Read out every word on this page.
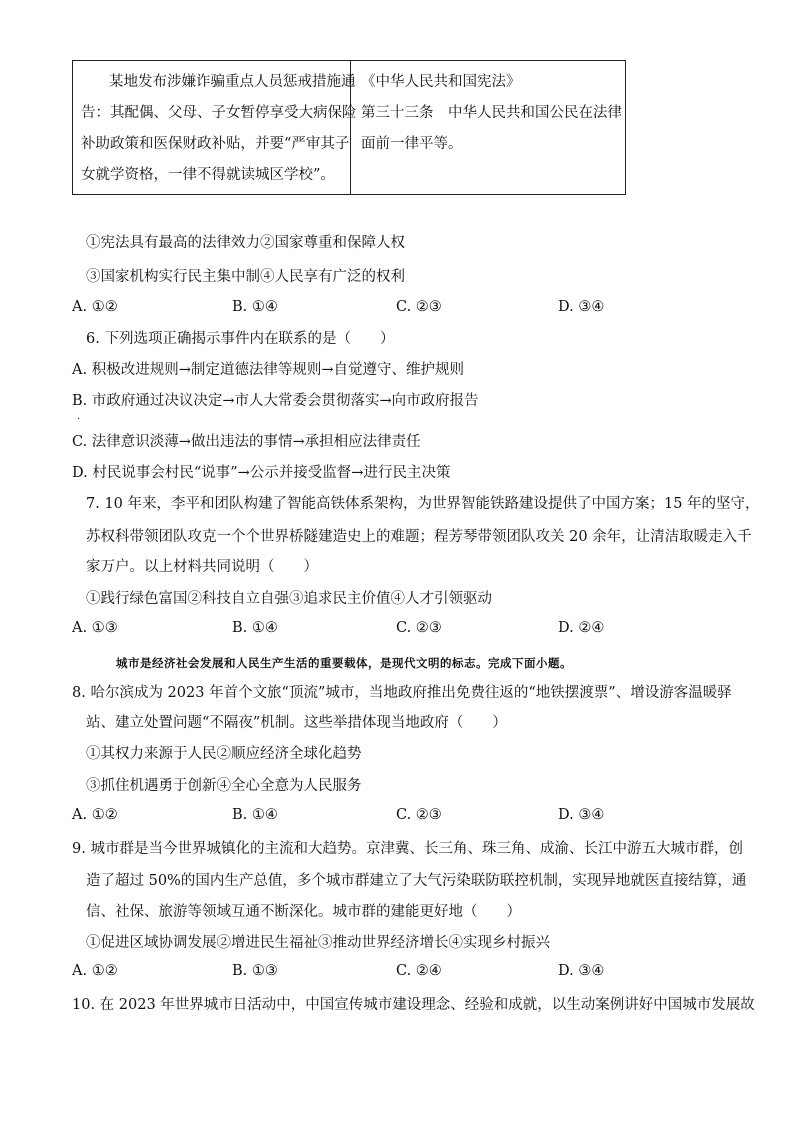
某地发布涉嫌诈骗重点人员惩戒措施通
告：其配偶、父母、子女暂停享受大病保险
补助政策和医保财政补贴，并要“严审其子
女就学资格，一律不得就读城区学校”。
《中华人民共和国宪法》
第三十三条　中华人民共和国公民在法律
面前一律平等。
①宪法具有最高的法律效力②国家尊重和保障人权
③国家机构实行民主集中制④人民享有广泛的权利
A. ①②	B. ①④	C. ②③	D. ③④
6. 下列选项正确揭示事件内在联系的是（　　）
A. 积极改进规则→制定道德法律等规则→自觉遵守、维护规则
B. 市政府通过决议决定→市人大常委会贯彻落实→向市政府报告
·
C. 法律意识淡薄→做出违法的事情→承担相应法律责任
D. 村民说事会村民“说事”→公示并接受监督→进行民主决策
7. 10 年来，李平和团队构建了智能高铁体系架构，为世界智能铁路建设提供了中国方案；15 年的坚守，
苏权科带领团队攻克一个个世界桥隧建造史上的难题；程芳琴带领团队攻关 20 余年，让清洁取暖走入千
家万户。以上材料共同说明（　　）
①践行绿色富国②科技自立自强③追求民主价值④人才引领驱动
A. ①③	B. ①④	C. ②③	D. ②④
城市是经济社会发展和人民生产生活的重要载体，是现代文明的标志。完成下面小题。
8. 哈尔滨成为 2023 年首个文旅“顶流”城市，当地政府推出免费往返的“地铁摆渡票”、增设游客温暖驿
站、建立处置问题“不隔夜”机制。这些举措体现当地政府（　　）
①其权力来源于人民②顺应经济全球化趋势
③抓住机遇勇于创新④全心全意为人民服务
A. ①②	B. ①④	C. ②③	D. ③④
9. 城市群是当今世界城镇化的主流和大趋势。京津冀、长三角、珠三角、成渝、长江中游五大城市群，创
造了超过 50%的国内生产总值，多个城市群建立了大气污染联防联控机制，实现异地就医直接结算，通
信、社保、旅游等领域互通不断深化。城市群的建能更好地（　　）
①促进区域协调发展②增进民生福祉③推动世界经济增长④实现乡村振兴
A. ①②	B. ①③	C. ②④	D. ③④
10. 在 2023 年世界城市日活动中，中国宣传城市建设理念、经验和成就，以生动案例讲好中国城市发展故
